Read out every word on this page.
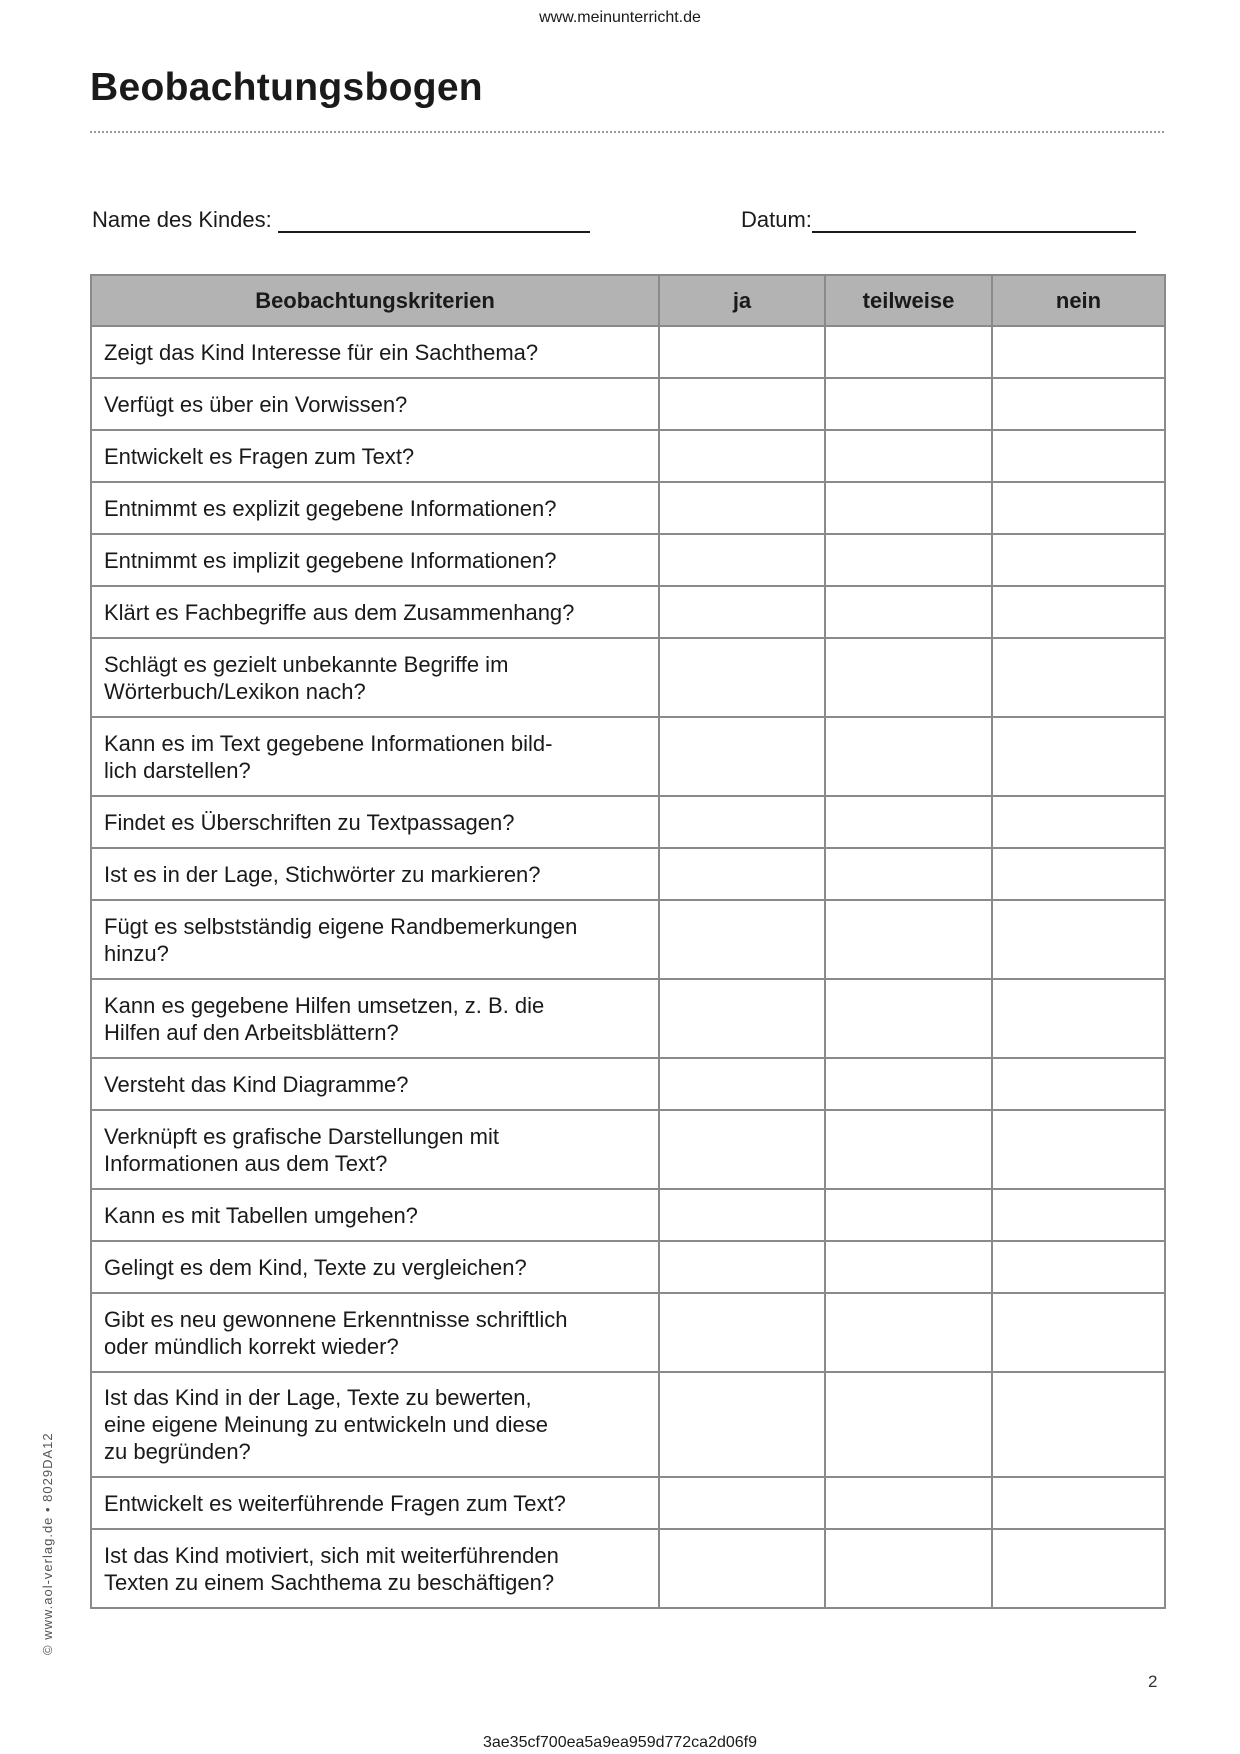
www.meinunterricht.de
Beobachtungsbogen
Name des Kindes:	Datum:
Beobachtungskriterien	ja	teilweise	nein

Zeigt das Kind Interesse für ein Sachthema?			

Verfügt es über ein Vorwissen?			

Entwickelt es Fragen zum Text?			

Entnimmt es explizit gegebene Informationen?			

Entnimmt es implizit gegebene Informationen?			

Klärt es Fachbegriffe aus dem Zusammenhang?			

Schlägt es gezielt unbekannte Begriffe im
Wörterbuch/Lexikon nach?			

Kann es im Text gegebene Informationen bild-
lich darstellen?			

Findet es Überschriften zu Textpassagen?			

Ist es in der Lage, Stichwörter zu markieren?			

Fügt es selbstständig eigene Randbemerkungen
hinzu?			

Kann es gegebene Hilfen umsetzen, z. B. die
Hilfen auf den Arbeitsblättern?			

Versteht das Kind Diagramme?			

Verknüpft es grafische Darstellungen mit
Informationen aus dem Text?			

Kann es mit Tabellen umgehen?			

Gelingt es dem Kind, Texte zu vergleichen?			

Gibt es neu gewonnene Erkenntnisse schriftlich
oder mündlich korrekt wieder?			

Ist das Kind in der Lage, Texte zu bewerten,
eine eigene Meinung zu entwickeln und diese
zu begründen?			

Entwickelt es weiterführende Fragen zum Text?			

Ist das Kind motiviert, sich mit weiterführenden
Texten zu einem Sachthema zu beschäftigen?			

© www.aol-verlag.de • 8029DA12
2
3ae35cf700ea5a9ea959d772ca2d06f9
